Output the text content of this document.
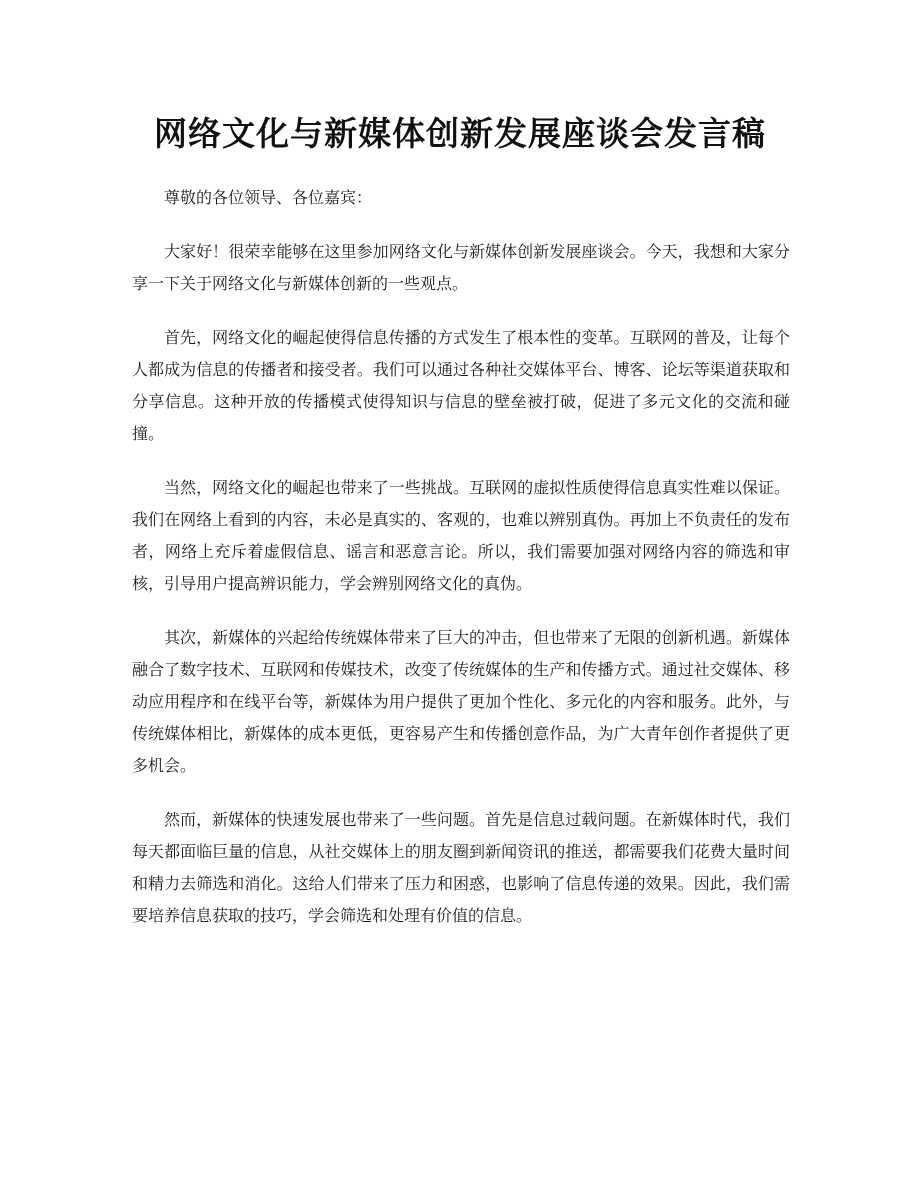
网络文化与新媒体创新发展座谈会发言稿

尊敬的各位领导、各位嘉宾：

大家好！很荣幸能够在这里参加网络文化与新媒体创新发展座谈会。今天，我想和大家分享一下关于网络文化与新媒体创新的一些观点。

首先，网络文化的崛起使得信息传播的方式发生了根本性的变革。互联网的普及，让每个人都成为信息的传播者和接受者。我们可以通过各种社交媒体平台、博客、论坛等渠道获取和分享信息。这种开放的传播模式使得知识与信息的壁垒被打破，促进了多元文化的交流和碰撞。

当然，网络文化的崛起也带来了一些挑战。互联网的虚拟性质使得信息真实性难以保证。我们在网络上看到的内容，未必是真实的、客观的，也难以辨别真伪。再加上不负责任的发布者，网络上充斥着虚假信息、谣言和恶意言论。所以，我们需要加强对网络内容的筛选和审核，引导用户提高辨识能力，学会辨别网络文化的真伪。

其次，新媒体的兴起给传统媒体带来了巨大的冲击，但也带来了无限的创新机遇。新媒体融合了数字技术、互联网和传媒技术，改变了传统媒体的生产和传播方式。通过社交媒体、移动应用程序和在线平台等，新媒体为用户提供了更加个性化、多元化的内容和服务。此外，与传统媒体相比，新媒体的成本更低，更容易产生和传播创意作品，为广大青年创作者提供了更多机会。

然而，新媒体的快速发展也带来了一些问题。首先是信息过载问题。在新媒体时代，我们每天都面临巨量的信息，从社交媒体上的朋友圈到新闻资讯的推送，都需要我们花费大量时间和精力去筛选和消化。这给人们带来了压力和困惑，也影响了信息传递的效果。因此，我们需要培养信息获取的技巧，学会筛选和处理有价值的信息。
